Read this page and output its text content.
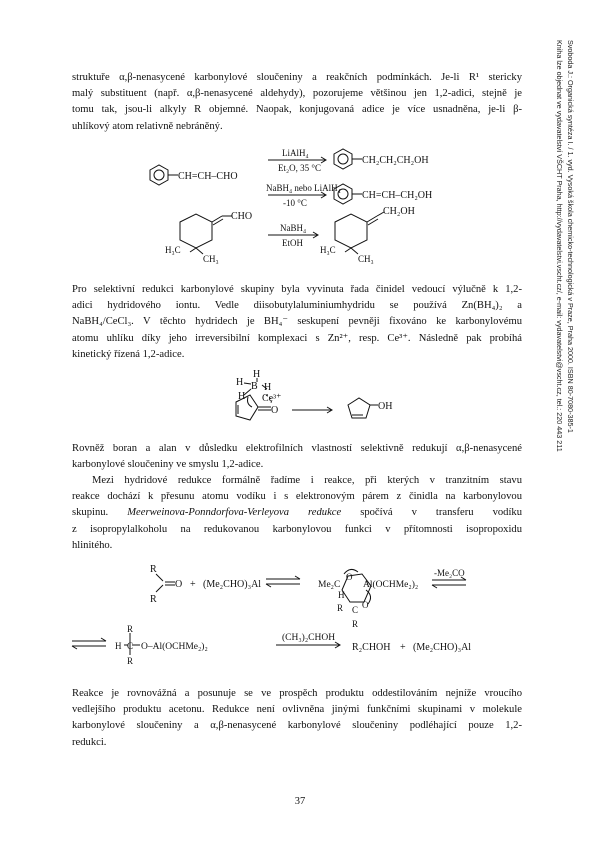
struktuře α,β-nenasycené karbonylové sloučeniny a reakčních podmínkách. Je-li R¹ stericky
malý substituent (např. α,β-nenasycené aldehydy), pozorujeme většinou jen 1,2-adici, stejně je
tomu tak, jsou-li alkyly R objemné. Naopak, konjugovaná adice je více usnadněna, je-li β-
uhlíkový atom relativně nebráněný.
CH=CH–CHO
LiAlH₄
Et₂O, 35 °C
CH₂CH₂CH₂OH
NaBH₄ nebo LiAlH₄
-10 °C
CH=CH–CH₂OH
CHO
H₃C
CH₃
NaBH₄
EtOH
CH₂OH
H₃C
CH₃
Pro selektivní redukci karbonylové skupiny byla vyvinuta řada činidel vedoucí výlučně k 1,2-
adici hydridového iontu. Vedle diisobutylaluminiumhydridu se používá Zn(BH₄)₂ a
NaBH₄/CeCl₃. V těchto hydridech je BH₄⁻ seskupení pevněji fixováno ke karbonylovému
atomu uhlíku díky jeho irreversibilní komplexaci s Zn²⁺, resp. Ce³⁺. Následně pak probíhá
kinetický řízená 1,2-adice.
H
H
B H
H Ce³⁺
O	OH
Rovněž boran a alan v důsledku elektrofilních vlastností selektivně redukují α,β-nenasycené
karbonylové sloučeniny ve smyslu 1,2-adice.
Mezi hydridové redukce formálně řadíme i reakce, při kterých v tranzitním stavu
reakce dochází k přesunu atomu vodíku i s elektronovým párem z činidla na karbonylovou
skupinu. Meerweinova-Ponndorfova-Verleyova redukce spočívá v transferu vodíku
z isopropylalkoholu na redukovanou karbonylovou funkci v přítomnosti isopropoxidu
hlinitého.
R
O
R
+ (Me₂CHO)₃Al	Me₂C Al(OCHMe₂)₂
-Me₂CO
O
H
R C
R
O
R
H C
R
O–Al(OCHMe₂)₂
(CH₃)₂CHOH
R₂CHOH + (Me₂CHO)₃Al
Reakce je rovnovážná a posunuje se ve prospěch produktu oddestilováním nejníže vroucího
vedlejšího produktu acetonu. Redukce není ovlivněna jinými funkčními skupinami v molekule
karbonylové sloučeniny a α,β-nenasycené karbonylové sloučeniny podléhající pouze 1,2-
redukci.
Svoboda J.: Organická syntéza I. / 1. vyd. Vysoká škola chemicko-technologická v Praze, Praha 2000. ISBN 80-7080-385-1
Kniha lze objednat ve vydavatelství VŠCHT Praha, http://vydavatelstvi.vscht.cz/, e-mail: vydavatelstvi@vscht.cz, tel.: 220 443 211
37
